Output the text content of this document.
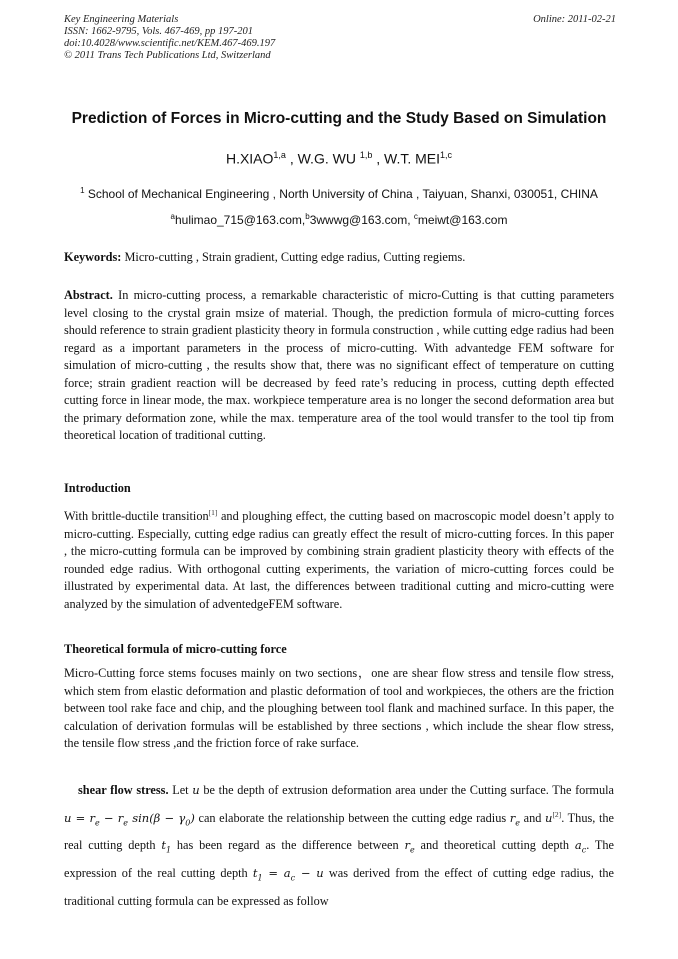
Key Engineering Materials
ISSN: 1662-9795, Vols. 467-469, pp 197-201
doi:10.4028/www.scientific.net/KEM.467-469.197
© 2011 Trans Tech Publications Ltd, Switzerland
Online: 2011-02-21
Prediction of Forces in Micro-cutting and the Study Based on Simulation
H.XIAO$^{1,a}$ , W.G. WU $^{1,b}$ , W.T. MEI$^{1,c}$
$^1$ School of Mechanical Engineering , North University of China , Taiyuan, Shanxi, 030051, CHINA
$^a$hulimao_715@163.com,$^b$3wwwg@163.com, $^c$meiwt@163.com
Keywords: Micro-cutting , Strain gradient, Cutting edge radius, Cutting regiems.
Abstract. In micro-cutting process, a remarkable characteristic of micro-Cutting is that cutting parameters level closing to the crystal grain msize of material. Though, the prediction formula of micro-cutting forces should reference to strain gradient plasticity theory in formula construction , while cutting edge radius had been regard as a important parameters in the process of micro-cutting. With advantedge FEM software for simulation of micro-cutting , the results show that, there was no significant effect of temperature on cutting force; strain gradient reaction will be decreased by feed rate’s reducing in process, cutting depth effected cutting force in linear mode, the max. workpiece temperature area is no longer the second deformation area but the primary deformation zone, while the max. temperature area of the tool would transfer to the tool tip from theoretical location of traditional cutting.
Introduction
With brittle-ductile transition[1] and ploughing effect, the cutting based on macroscopic model doesn’t apply to micro-cutting. Especially, cutting edge radius can greatly effect the result of micro-cutting forces. In this paper , the micro-cutting formula can be improved by combining strain gradient plasticity theory with effects of the rounded edge radius. With orthogonal cutting experiments, the variation of micro-cutting forces could be illustrated by experimental data. At last, the differences between traditional cutting and micro-cutting were analyzed by the simulation of adventedgeFEM software.
Theoretical formula of micro-cutting force
Micro-Cutting force stems focuses mainly on two sections，one are shear flow stress and tensile flow stress, which stem from elastic deformation and plastic deformation of tool and workpieces, the others are the friction between tool rake face and chip, and the ploughing between tool flank and machined surface. In this paper, the calculation of derivation formulas will be established by three sections , which include the shear flow stress, the tensile flow stress ,and the friction force of rake surface.
shear flow stress. Let u be the depth of extrusion deformation area under the Cutting surface. The formula $u = r_e - r_e$ $\sin(\beta - \gamma_0)$ can elaborate the relationship between the cutting edge radius $r_e$ and u[2]. Thus, the real cutting depth $t_1$ has been regard as the difference between $r_e$ and theoretical cutting depth $a_c$. The expression of the real cutting depth $t_1 = a_c - u$ was derived from the effect of cutting edge radius, the traditional cutting formula can be expressed as follow
